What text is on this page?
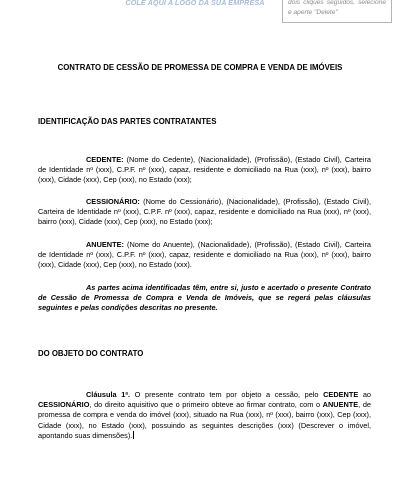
COLE AQUI A LOGO DA SUA EMPRESA	dois cliques seguidos, selecione e aperte "Delete"
CONTRATO DE CESSÃO DE PROMESSA DE COMPRA E VENDA DE IMÓVEIS
IDENTIFICAÇÃO DAS PARTES CONTRATANTES
CEDENTE: (Nome do Cedente), (Nacionalidade), (Profissão), (Estado Civil), Carteira de Identidade nº (xxx), C.P.F. nº (xxx), capaz, residente e domiciliado na Rua (xxx), nº (xxx), bairro (xxx), Cidade (xxx), Cep (xxx), no Estado (xxx);
CESSIONÁRIO: (Nome do Cessionário), (Nacionalidade), (Profissão), (Estado Civil), Carteira de Identidade nº (xxx), C.P.F. nº (xxx), capaz, residente e domiciliado na Rua (xxx), nº (xxx), bairro (xxx), Cidade (xxx), Cep (xxx), no Estado (xxx);
ANUENTE: (Nome do Anuente), (Nacionalidade), (Profissão), (Estado Civil), Carteira de Identidade nº (xxx), C.P.F. nº (xxx), capaz, residente e domiciliado na Rua (xxx), nº (xxx), bairro (xxx), Cidade (xxx), Cep (xxx), no Estado (xxx).
As partes acima identificadas têm, entre si, justo e acertado o presente Contrato de Cessão de Promessa de Compra e Venda de Imóveis, que se regerá pelas cláusulas seguintes e pelas condições descritas no presente.
DO OBJETO DO CONTRATO
Cláusula 1ª. O presente contrato tem por objeto a cessão, pelo CEDENTE ao CESSIONÁRIO, do direito aquisitivo que o primeiro obteve ao firmar contrato, com o ANUENTE, de promessa de compra e venda do imóvel (xxx), situado na Rua (xxx), nº (xxx), bairro (xxx), Cep (xxx), Cidade (xxx), no Estado (xxx), possuindo as seguintes descrições (xxx) (Descrever o imóvel, apontando suas dimensões).
